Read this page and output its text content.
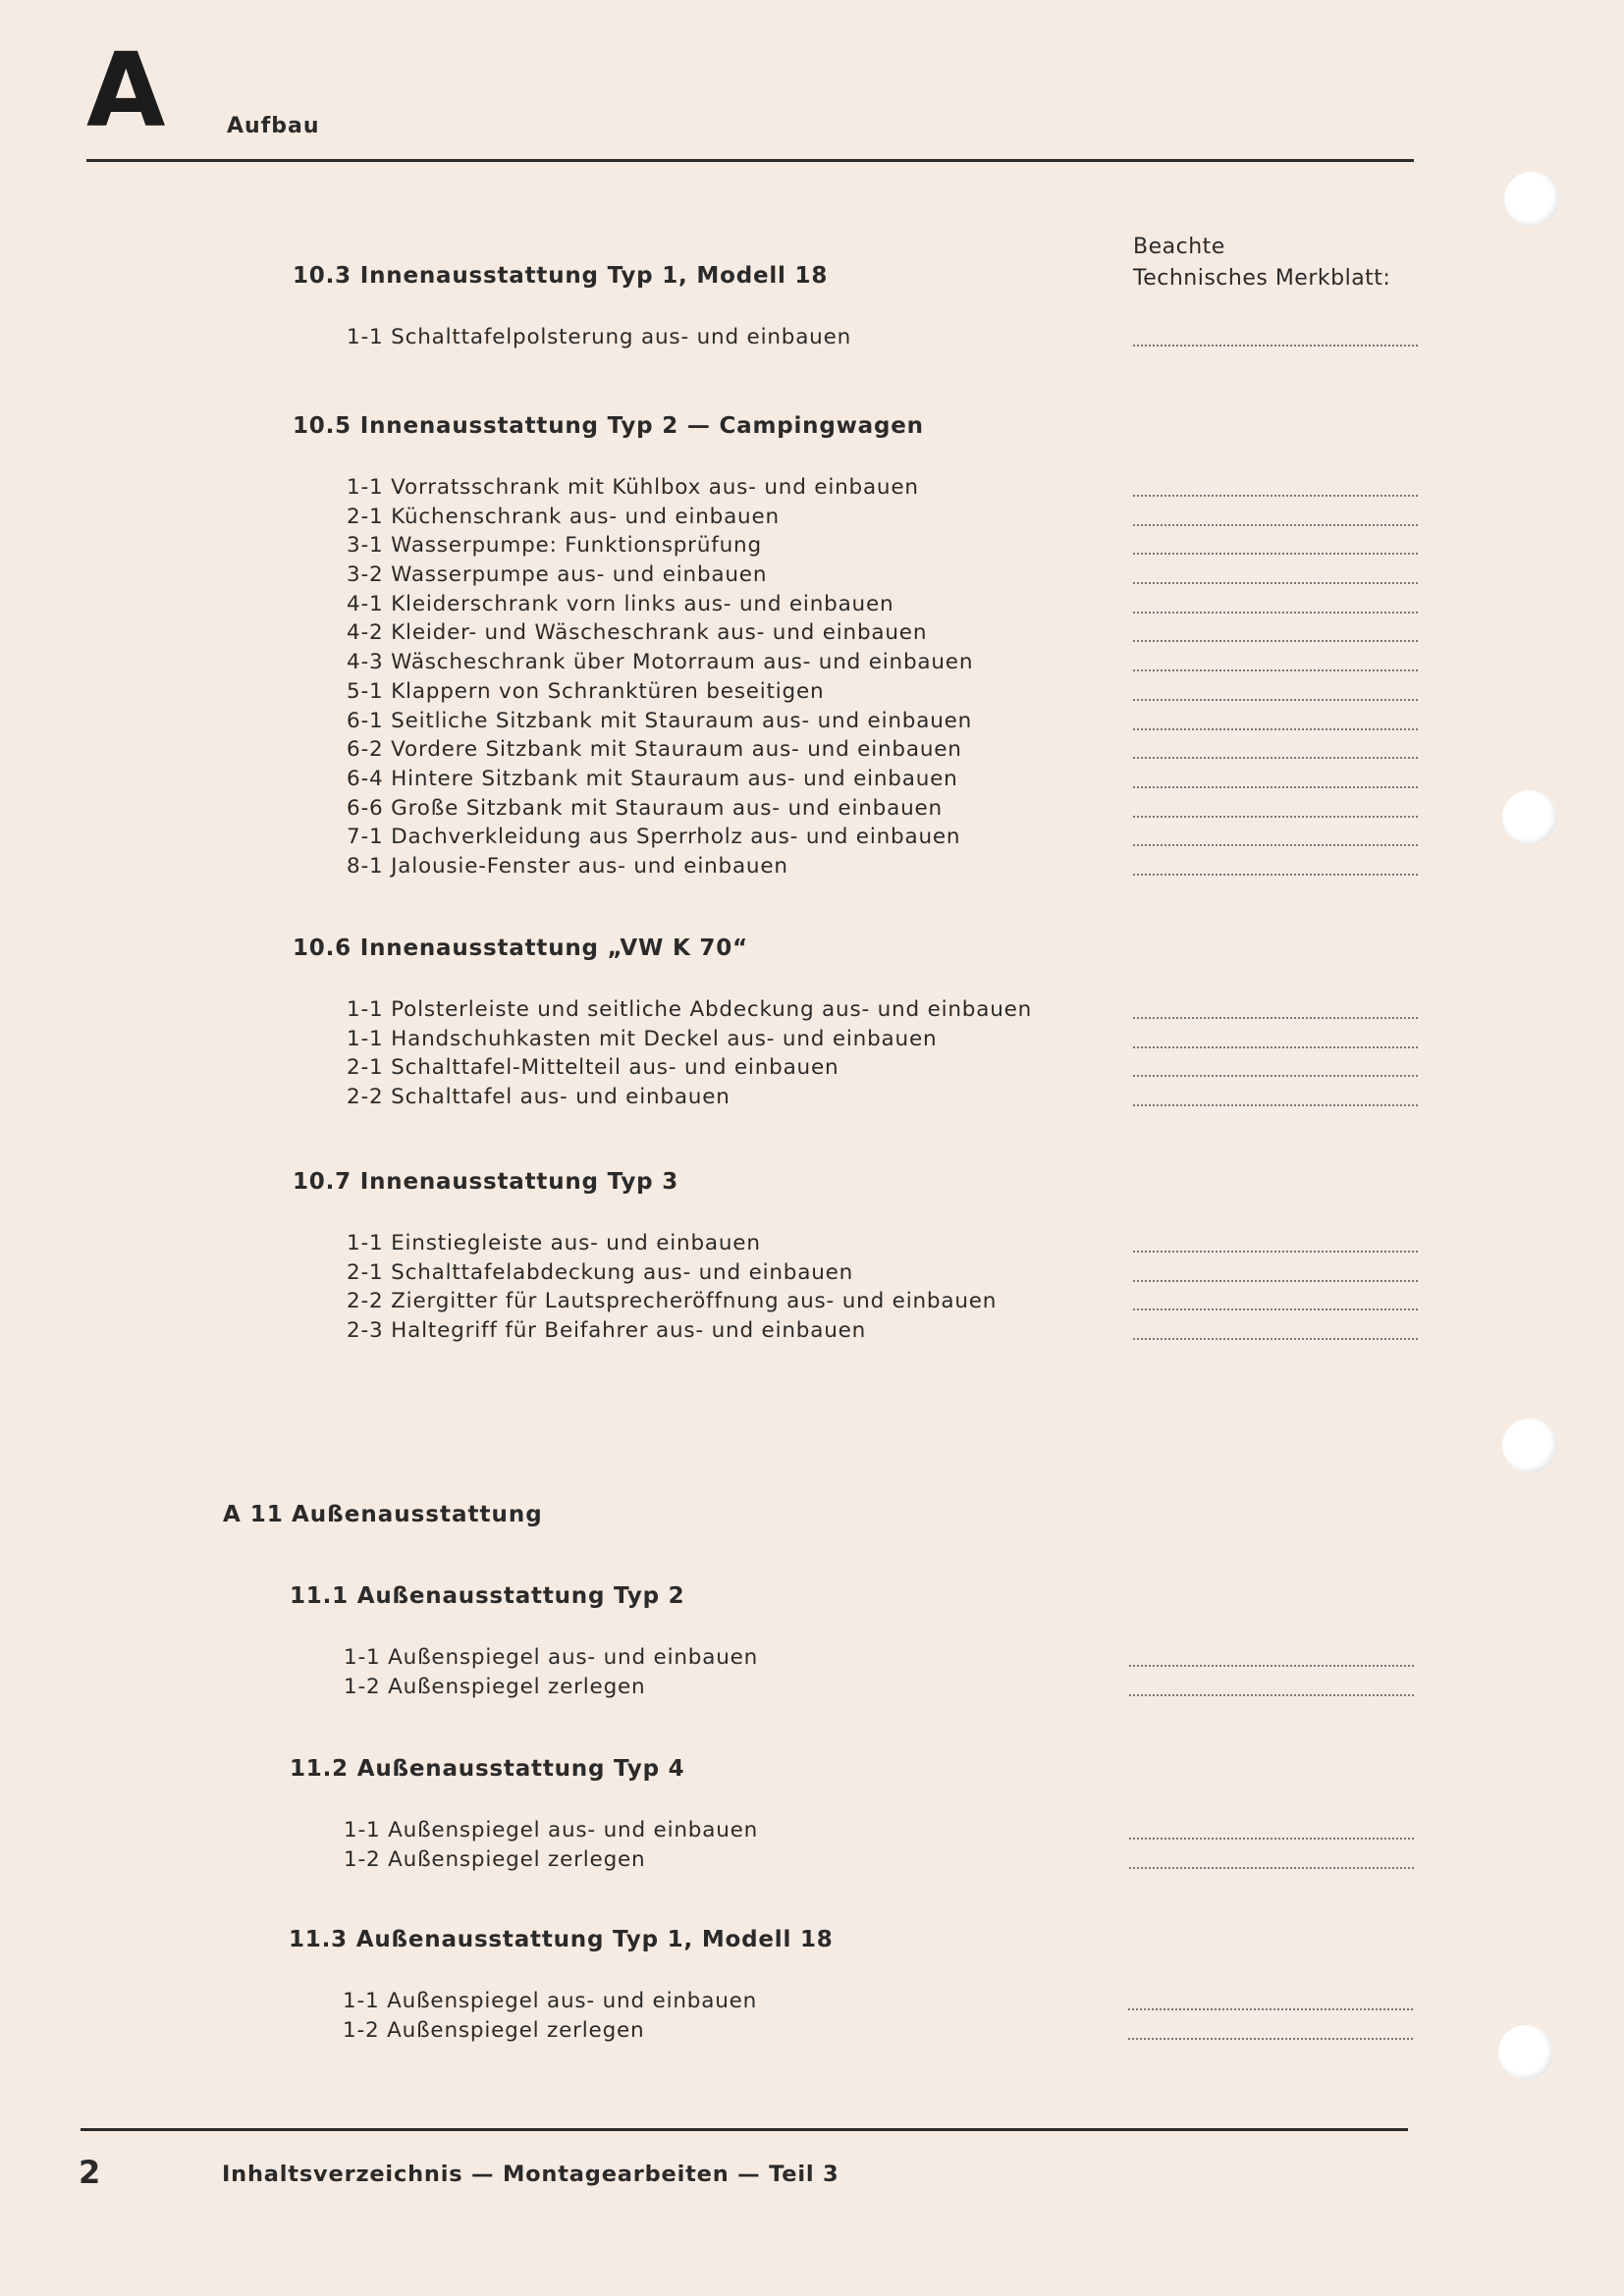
A	Aufbau
Beachte
Technisches Merkblatt:
10.3 Innenausstattung Typ 1, Modell 18
1-1 Schalttafelpolsterung aus- und einbauen
10.5 Innenausstattung Typ 2 — Campingwagen
1-1 Vorratsschrank mit Kühlbox aus- und einbauen
2-1 Küchenschrank aus- und einbauen
3-1 Wasserpumpe: Funktionsprüfung
3-2 Wasserpumpe aus- und einbauen
4-1 Kleiderschrank vorn links aus- und einbauen
4-2 Kleider- und Wäscheschrank aus- und einbauen
4-3 Wäscheschrank über Motorraum aus- und einbauen
5-1 Klappern von Schranktüren beseitigen
6-1 Seitliche Sitzbank mit Stauraum aus- und einbauen
6-2 Vordere Sitzbank mit Stauraum aus- und einbauen
6-4 Hintere Sitzbank mit Stauraum aus- und einbauen
6-6 Große Sitzbank mit Stauraum aus- und einbauen
7-1 Dachverkleidung aus Sperrholz aus- und einbauen
8-1 Jalousie-Fenster aus- und einbauen
10.6 Innenausstattung „VW K 70“
1-1 Polsterleiste und seitliche Abdeckung aus- und einbauen
1-1 Handschuhkasten mit Deckel aus- und einbauen
2-1 Schalttafel-Mittelteil aus- und einbauen
2-2 Schalttafel aus- und einbauen
10.7 Innenausstattung Typ 3
1-1 Einstiegleiste aus- und einbauen
2-1 Schalttafelabdeckung aus- und einbauen
2-2 Ziergitter für Lautsprecheröffnung aus- und einbauen
2-3 Haltegriff für Beifahrer aus- und einbauen
A 11 Außenausstattung
11.1 Außenausstattung Typ 2
1-1 Außenspiegel aus- und einbauen
1-2 Außenspiegel zerlegen
11.2 Außenausstattung Typ 4
1-1 Außenspiegel aus- und einbauen
1-2 Außenspiegel zerlegen
11.3 Außenausstattung Typ 1, Modell 18
1-1 Außenspiegel aus- und einbauen
1-2 Außenspiegel zerlegen
2	Inhaltsverzeichnis — Montagearbeiten — Teil 3
